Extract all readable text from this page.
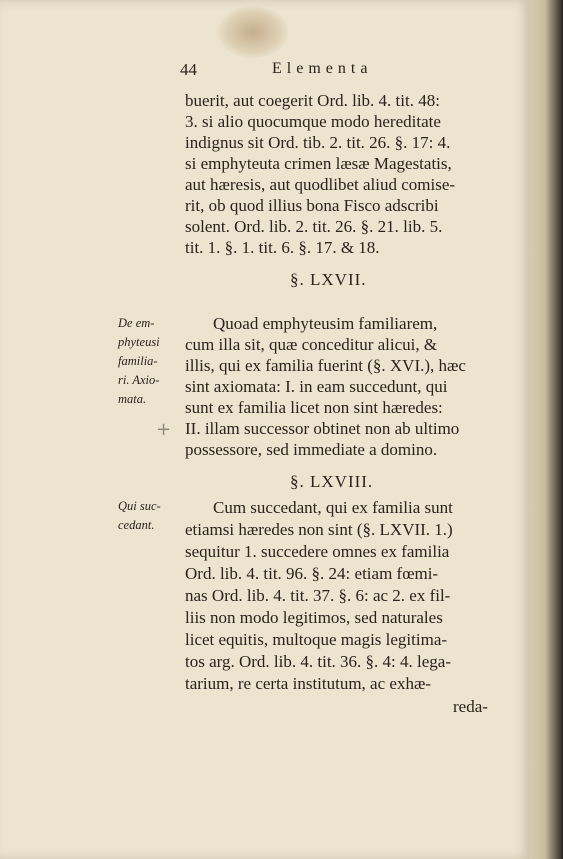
44	Elementa
buerit, aut coegerit Ord. lib. 4. tit. 48:
3. si alio quocumque modo hereditate
indignus sit Ord. tib. 2. tit. 26. §. 17: 4.
si emphyteuta crimen læsæ Magestatis,
aut hæresis, aut quodlibet aliud comise-
rit, ob quod illius bona Fisco adscribi
solent. Ord. lib. 2. tit. 26. §. 21. lib. 5.
tit. 1. §. 1. tit. 6. §. 17. & 18.
§. LXVII.
De em-
phyteusi
familia-
ri. Axio-
mata.
Quoad emphyteusim familiarem,
cum illa sit, quæ conceditur alicui, &
illis, qui ex familia fuerint (§. XVI.), hæc
sint axiomata: I. in eam succedunt, qui
sunt ex familia licet non sint hæredes:
II. illam successor obtinet non ab ultimo
possessore, sed immediate a domino.
+
§. LXVIII.
Qui suc-
cedant.
Cum succedant, qui ex familia sunt
etiamsi hæredes non sint (§. LXVII. 1.)
sequitur 1. succedere omnes ex familia
Ord. lib. 4. tit. 96. §. 24: etiam fœmi-
nas Ord. lib. 4. tit. 37. §. 6: ac 2. ex fil-
liis non modo legitimos, sed naturales
licet equitis, multoque magis legitima-
tos arg. Ord. lib. 4. tit. 36. §. 4: 4. lega-
tarium, re certa institutum, ac exhæ-
reda-
